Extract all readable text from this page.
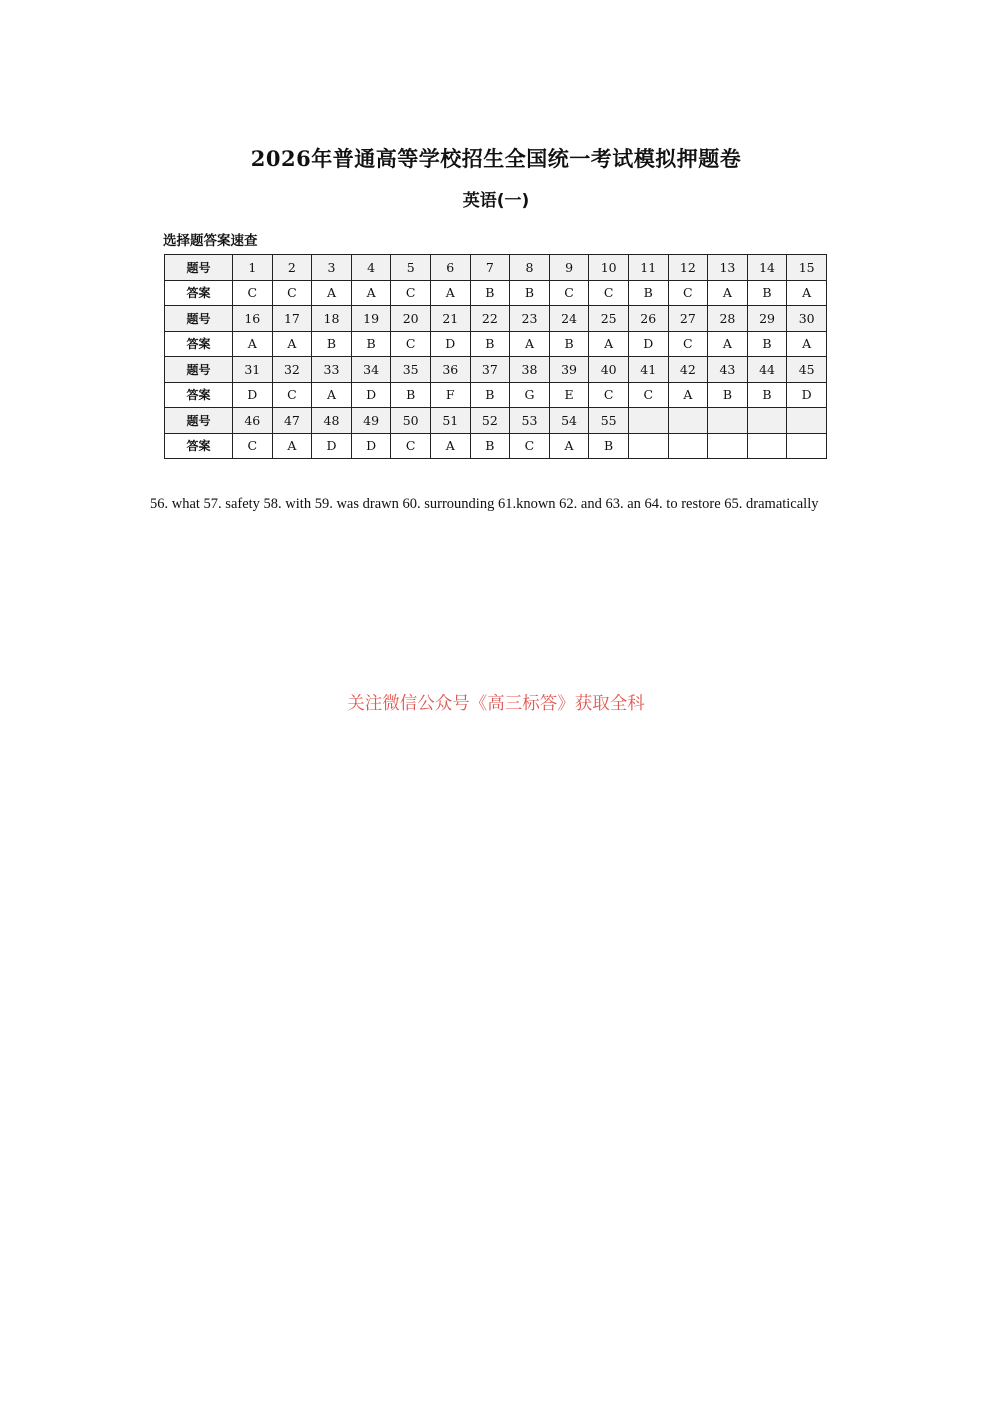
2026年普通高等学校招生全国统一考试模拟押题卷
英语(一)
选择题答案速查
题号	1	2	3	4	5	6	7	8	9	10	11	12	13	14	15
答案	C	C	A	A	C	A	B	B	C	C	B	C	A	B	A
题号	16	17	18	19	20	21	22	23	24	25	26	27	28	29	30
答案	A	A	B	B	C	D	B	A	B	A	D	C	A	B	A
题号	31	32	33	34	35	36	37	38	39	40	41	42	43	44	45
答案	D	C	A	D	B	F	B	G	E	C	C	A	B	B	D
题号	46	47	48	49	50	51	52	53	54	55					
答案	C	A	D	D	C	A	B	C	A	B					
56. what 57. safety 58. with 59. was drawn 60. surrounding 61.known 62. and 63. an 64. to restore 65. dramatically
关注微信公众号《高三标答》获取全科
